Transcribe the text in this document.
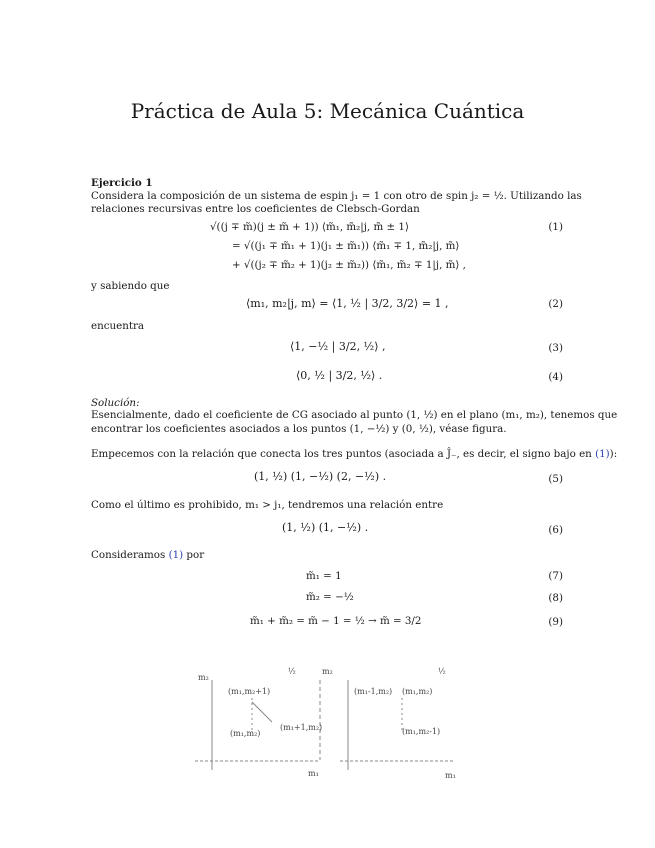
Práctica de Aula 5: Mecánica Cuántica
Ejercicio 1
Considera la composición de un sistema de espin j₁ = 1 con otro de spin j₂ = ½. Utilizando las
relaciones recursivas entre los coeficientes de Clebsch-Gordan
√((j ∓ m̃)(j ± m̃ + 1)) ⟨m̃₁, m̃₂|j, m̃ ± 1⟩	(1)
= √((j₁ ∓ m̃₁ + 1)(j₁ ± m̃₁)) ⟨m̃₁ ∓ 1, m̃₂|j, m̃⟩
+ √((j₂ ∓ m̃₂ + 1)(j₂ ± m̃₂)) ⟨m̃₁, m̃₂ ∓ 1|j, m̃⟩ ,
y sabiendo que
⟨m₁, m₂|j, m⟩ = ⟨1, ½ | 3/2, 3/2⟩ = 1 ,	(2)
encuentra
⟨1, −½ | 3/2, ½⟩ ,	(3)
⟨0, ½ | 3/2, ½⟩ .	(4)
Solución:
Esencialmente, dado el coeficiente de CG asociado al punto (1, ½) en el plano (m₁, m₂), tenemos que
encontrar los coeficientes asociados a los puntos (1, −½) y (0, ½), véase figura.
Empecemos con la relación que conecta los tres puntos (asociada a Ĵ₋, es decir, el signo bajo en (1)):
(1, ½) (1, −½) (2, −½) .	(5)
Como el último es prohibido, m₁ > j₁, tendremos una relación entre
(1, ½) (1, −½) .	(6)
Consideramos (1) por
m̃₁ = 1	(7)
m̃₂ = −½	(8)
m̃₁ + m̃₂ = m̃ − 1 = ½ → m̃ = 3/2	(9)
m₂
½
(m₁,m₂+1)
(m₁,m₂)
(m₁+1,m₂)
m₁
m₂	½
(m₁-1,m₂) (m₁,m₂)
(m₁,m₂-1)
m₁
